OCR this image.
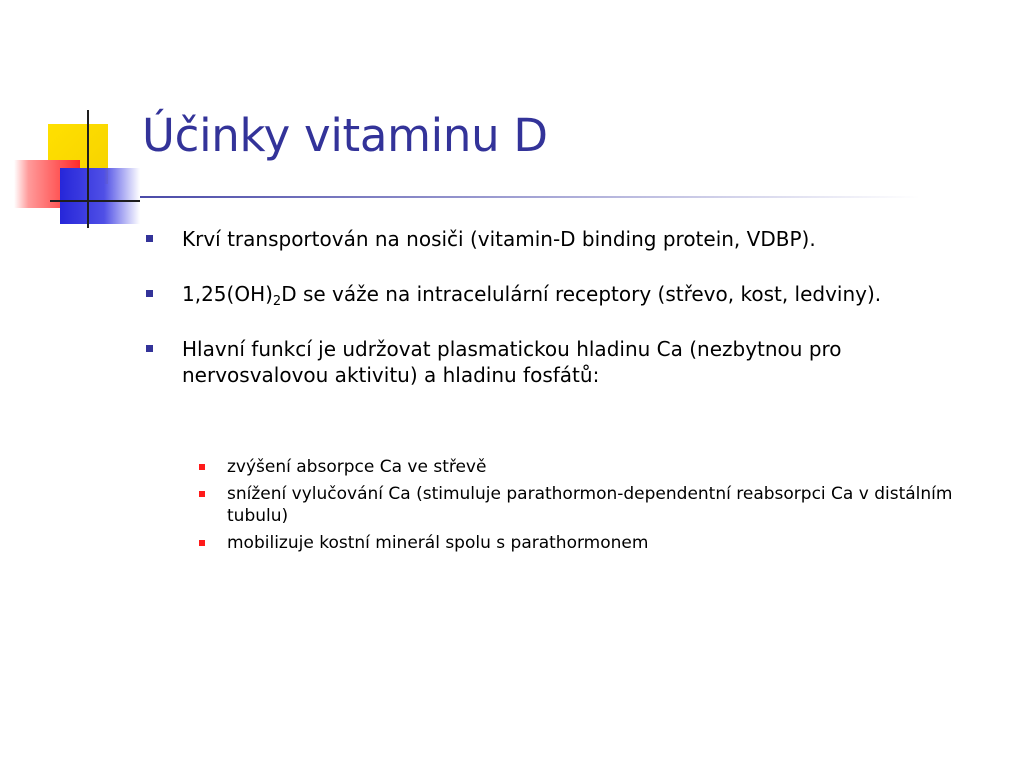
Účinky vitaminu D
Krví transportován na nosiči (vitamin-D binding protein, VDBP).
$1,25(OH)_2D$ se váže na intracelulární receptory (střevo, kost, ledviny).
Hlavní funkcí je udržovat plasmatickou hladinu Ca (nezbytnou pro nervosvalovou aktivitu) a hladinu fosfátů:
zvýšení absorpce Ca ve střevě
snížení vylučování Ca (stimuluje parathormon-dependentní reabsorpci Ca v distálním tubulu)
mobilizuje kostní minerál spolu s parathormonem
